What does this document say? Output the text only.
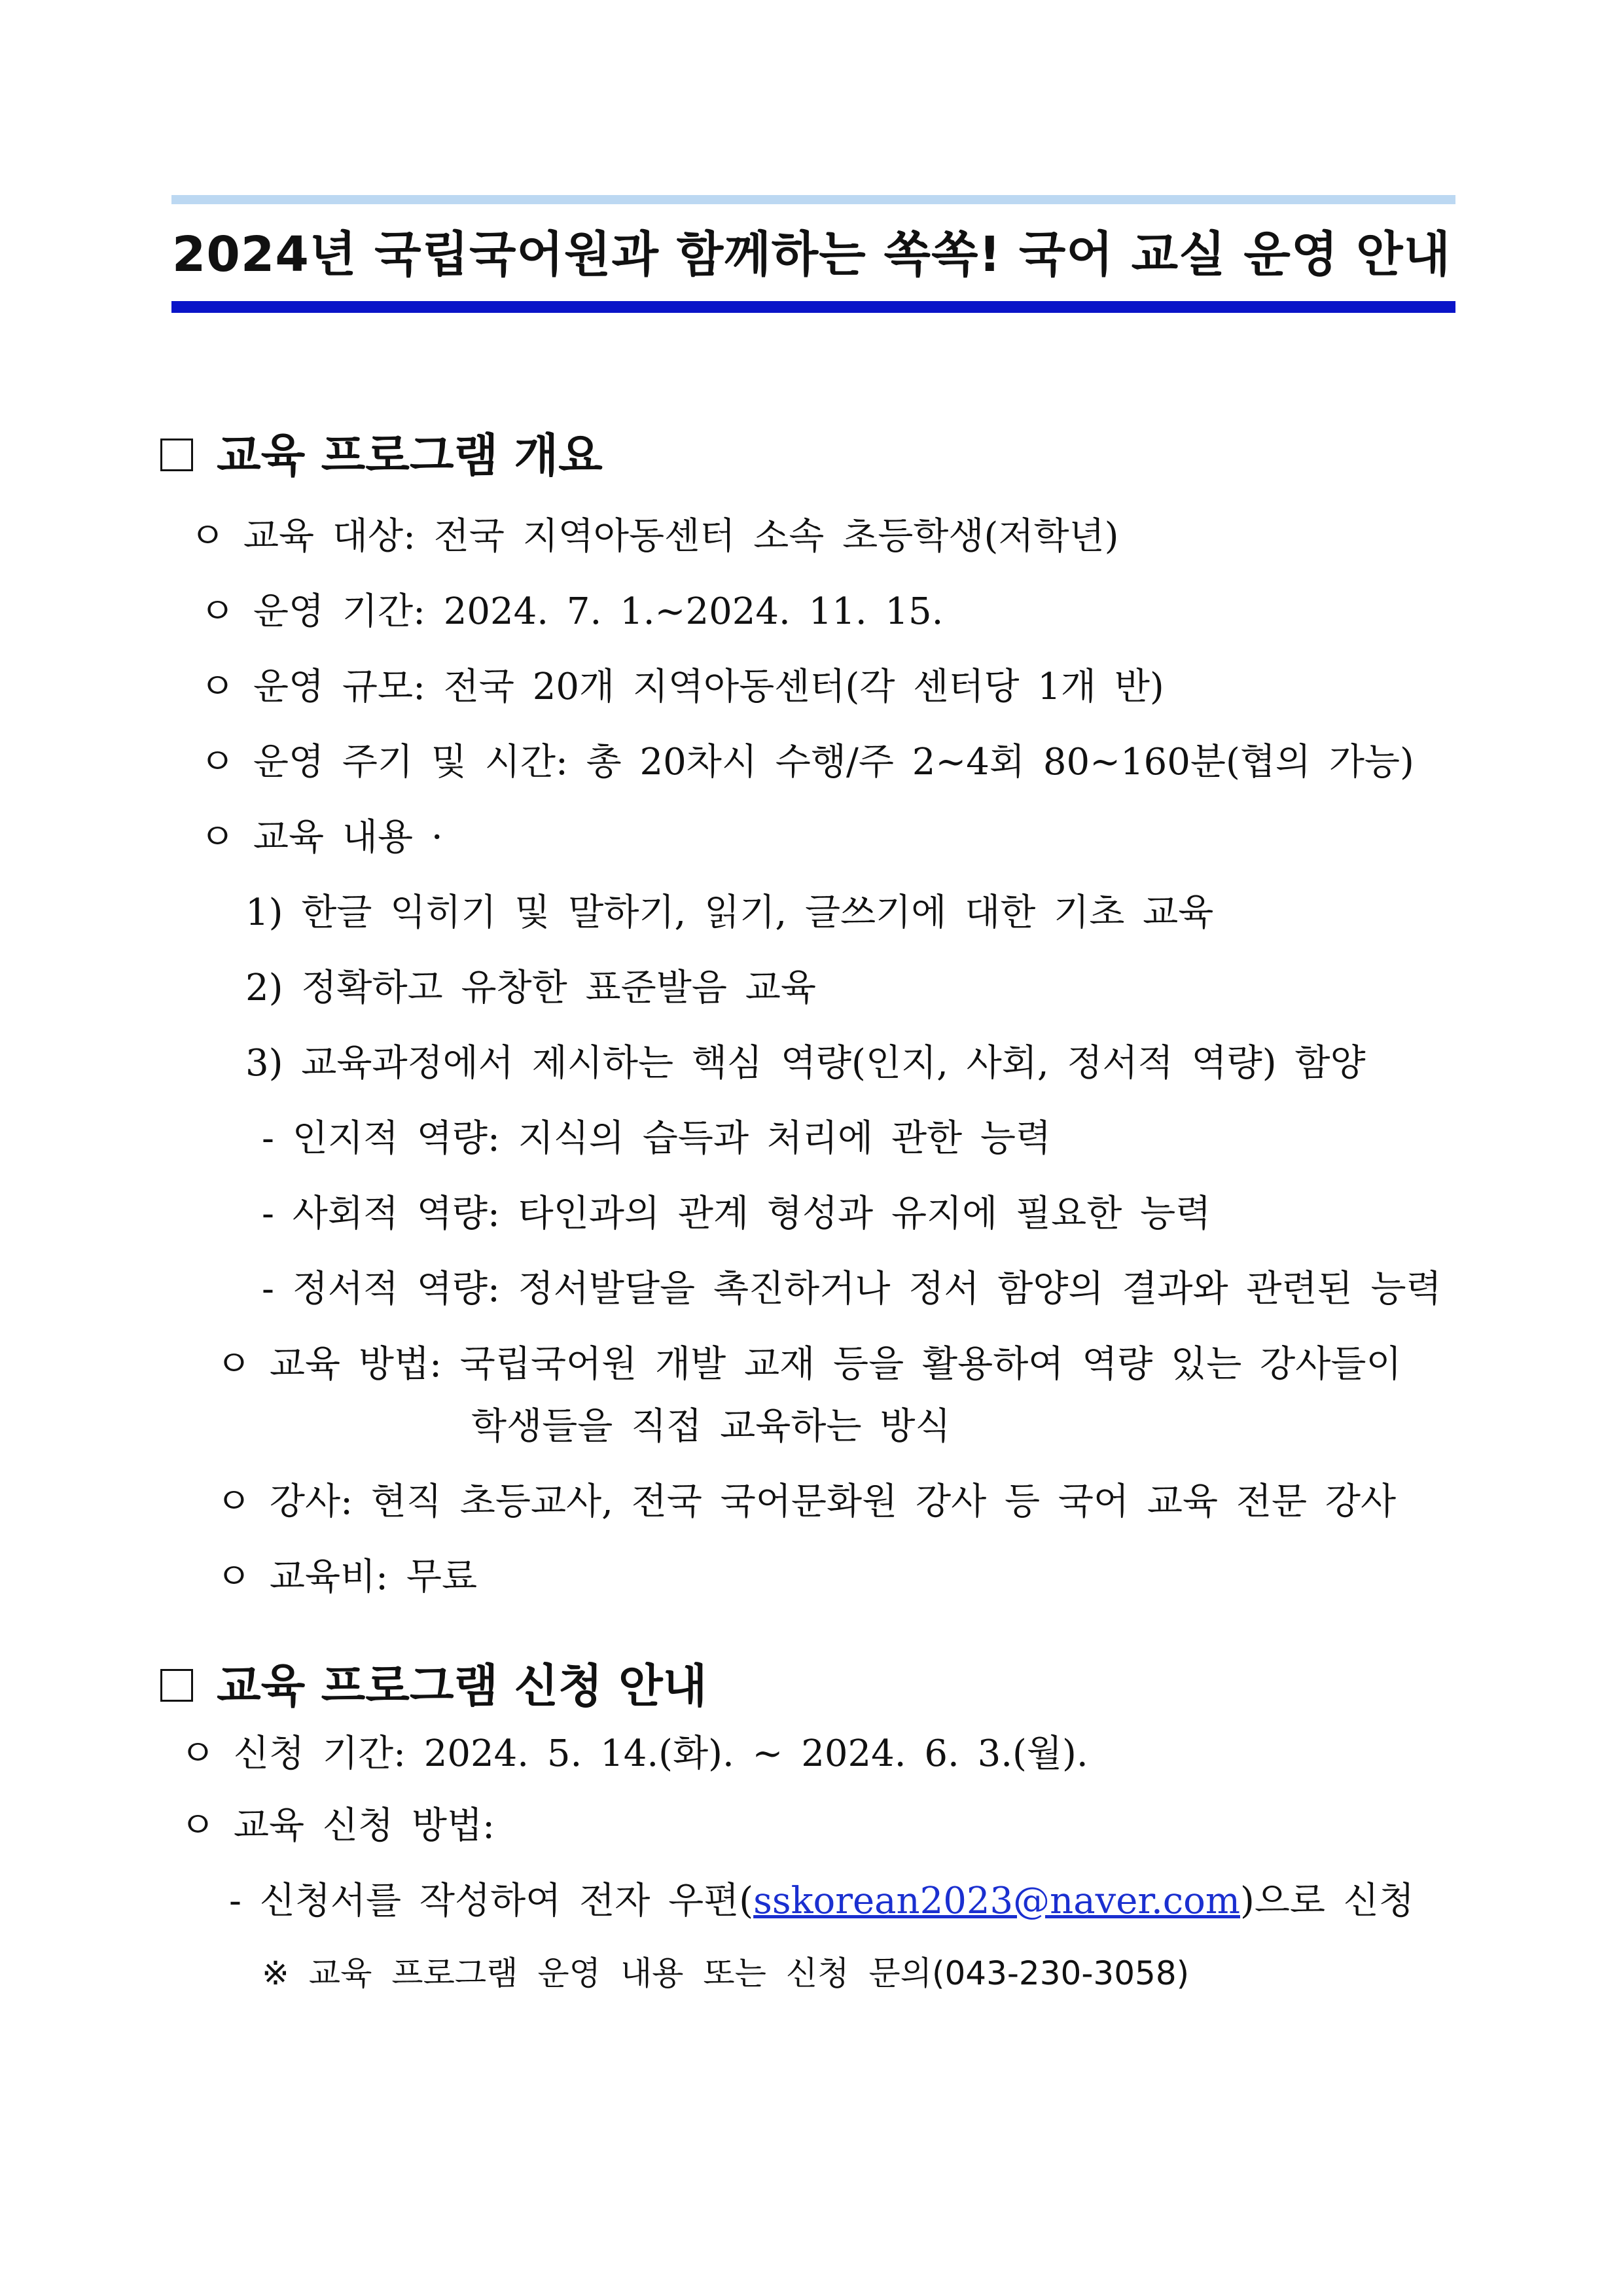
2024년 국립국어원과 함께하는 쏙쏙! 국어 교실 운영 안내
교육 프로그램 개요
ㅇ 교육 대상: 전국 지역아동센터 소속 초등학생(저학년)
ㅇ 운영 기간: 2024. 7. 1.~2024. 11. 15.
ㅇ 운영 규모: 전국 20개 지역아동센터(각 센터당 1개 반)
ㅇ 운영 주기 및 시간: 총 20차시 수행/주 2~4회 80~160분(협의 가능)
ㅇ 교육 내용 ·
1) 한글 익히기 및 말하기, 읽기, 글쓰기에 대한 기초 교육
2) 정확하고 유창한 표준발음 교육
3) 교육과정에서 제시하는 핵심 역량(인지, 사회, 정서적 역량) 함양
- 인지적 역량: 지식의 습득과 처리에 관한 능력
- 사회적 역량: 타인과의 관계 형성과 유지에 필요한 능력
- 정서적 역량: 정서발달을 촉진하거나 정서 함양의 결과와 관련된 능력
ㅇ 교육 방법: 국립국어원 개발 교재 등을 활용하여 역량 있는 강사들이
학생들을 직접 교육하는 방식
ㅇ 강사: 현직 초등교사, 전국 국어문화원 강사 등 국어 교육 전문 강사
ㅇ 교육비: 무료
교육 프로그램 신청 안내
ㅇ 신청 기간: 2024. 5. 14.(화). ~ 2024. 6. 3.(월).
ㅇ 교육 신청 방법:
- 신청서를 작성하여 전자 우편(sskorean2023@naver.com)으로 신청
※ 교육 프로그램 운영 내용 또는 신청 문의(043-230-3058)
